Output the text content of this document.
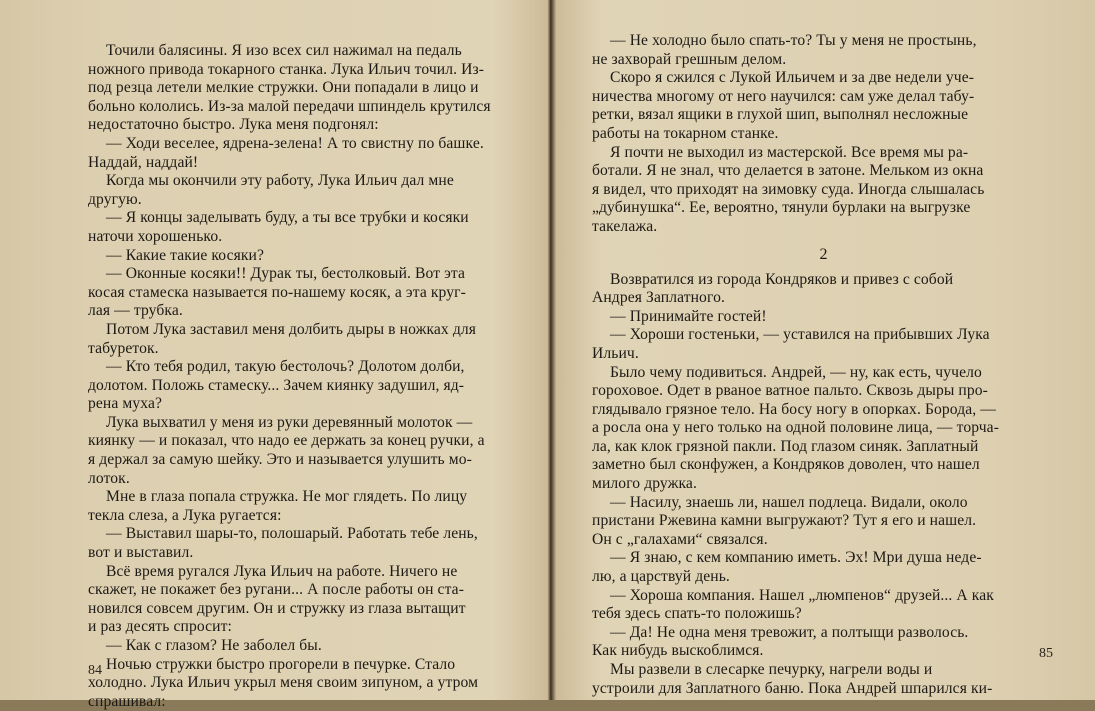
Точили балясины. Я изо всех сил нажимал на педаль
ножного привода токарного станка. Лука Ильич точил. Из-
под резца летели мелкие стружки. Они попадали в лицо и
больно кололись. Из-за малой передачи шпиндель крутился
недостаточно быстро. Лука меня подгонял:
— Ходи веселее, ядрена-зелена! А то свистну по башке.
Наддай, наддай!
Когда мы окончили эту работу, Лука Ильич дал мне
другую.
— Я концы заделывать буду, а ты все трубки и косяки
наточи хорошенько.
— Какие такие косяки?
— Оконные косяки!! Дурак ты, бестолковый. Вот эта
косая стамеска называется по-нашему косяк, а эта круг-
лая — трубка.
Потом Лука заставил меня долбить дыры в ножках для
табуреток.
— Кто тебя родил, такую бестолочь? Долотом долби,
долотом. Положь стамеску... Зачем киянку задушил, яд-
рена муха?
Лука выхватил у меня из руки деревянный молоток —
киянку — и показал, что надо ее держать за конец ручки, а
я держал за самую шейку. Это и называется улушить мо-
лоток.
Мне в глаза попала стружка. Не мог глядеть. По лицу
текла слеза, а Лука ругается:
— Выставил шары-то, полошарый. Работать тебе лень,
вот и выставил.
Всё время ругался Лука Ильич на работе. Ничего не
скажет, не покажет без ругани... А после работы он ста-
новился совсем другим. Он и стружку из глаза вытащит
и раз десять спросит:
— Как с глазом? Не заболел бы.
Ночью стружки быстро прогорели в печурке. Стало
холодно. Лука Ильич укрыл меня своим зипуном, а утром
спрашивал:
84
— Не холодно было спать-то? Ты у меня не простынь,
не захворай грешным делом.
Скоро я сжился с Лукой Ильичем и за две недели уче-
ничества многому от него научился: сам уже делал табу-
ретки, вязал ящики в глухой шип, выполнял несложные
работы на токарном станке.
Я почти не выходил из мастерской. Все время мы ра-
ботали. Я не знал, что делается в затоне. Мельком из окна
я видел, что приходят на зимовку суда. Иногда слышалась
„дубинушка“. Ее, вероятно, тянули бурлаки на выгрузке
такелажа.
2
Возвратился из города Кондряков и привез с собой
Андрея Заплатного.
— Принимайте гостей!
— Хороши гостеньки, — уставился на прибывших Лука
Ильич.
Было чему подивиться. Андрей, — ну, как есть, чучело
гороховое. Одет в рваное ватное пальто. Сквозь дыры про-
глядывало грязное тело. На босу ногу в опорках. Борода, —
а росла она у него только на одной половине лица, — торча-
ла, как клок грязной пакли. Под глазом синяк. Заплатный
заметно был сконфужен, а Кондряков доволен, что нашел
милого дружка.
— Насилу, знаешь ли, нашел подлеца. Видали, около
пристани Ржевина камни выгружают? Тут я его и нашел.
Он с „галахами“ связался.
— Я знаю, с кем компанию иметь. Эх! Мри душа неде-
лю, а царствуй день.
— Хороша компания. Нашел „люмпенов“ друзей... А как
тебя здесь спать-то положишь?
— Да! Не одна меня тревожит, а полтыщи разволось.
Как нибудь выскоблимся.
Мы развели в слесарке печурку, нагрели воды и
устроили для Заплатного баню. Пока Андрей шпарился ки-
85
